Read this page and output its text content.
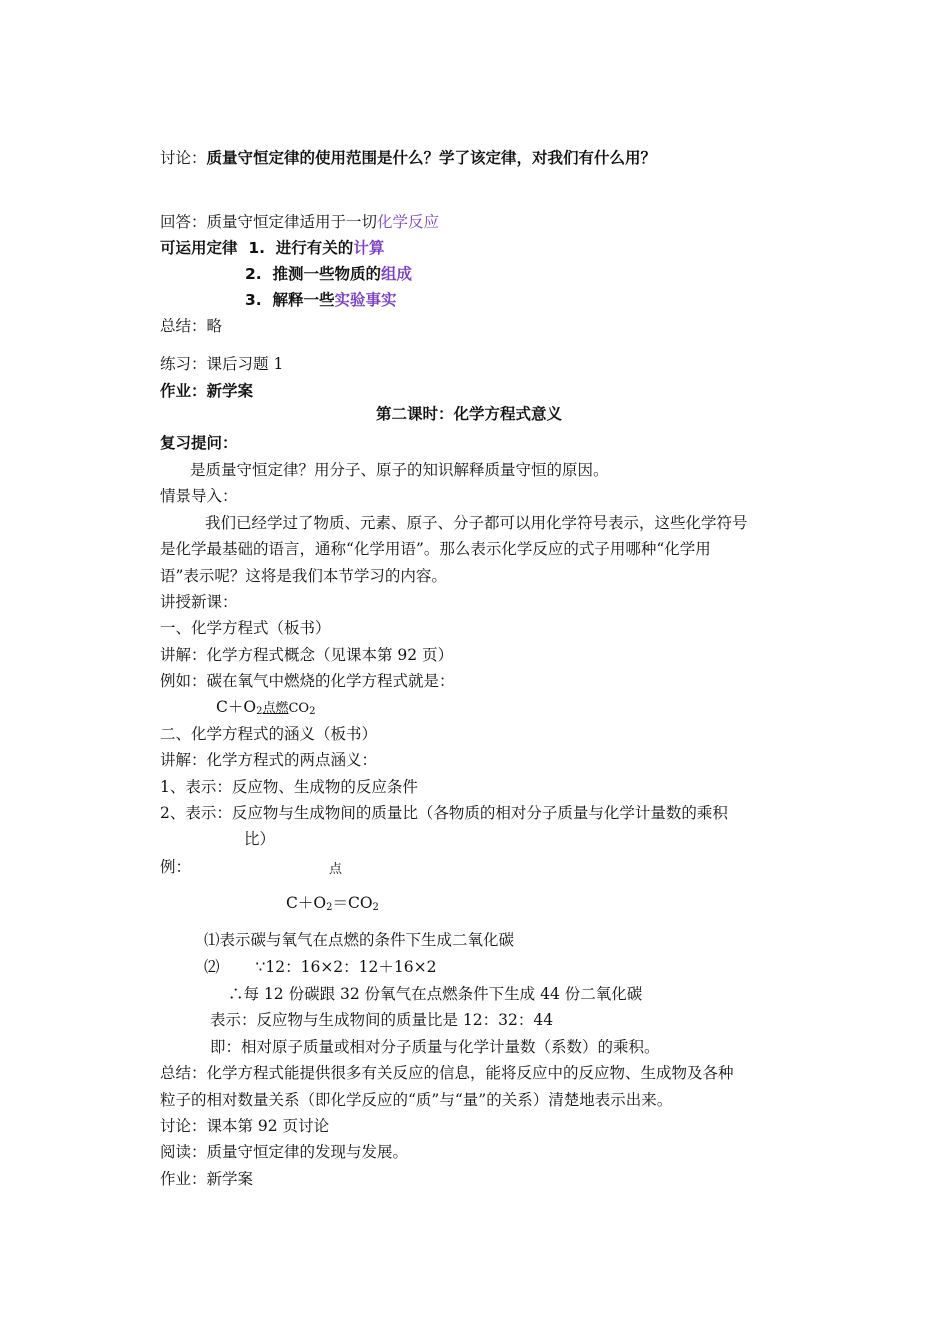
讨论：质量守恒定律的使用范围是什么？学了该定律，对我们有什么用？
回答：质量守恒定律适用于一切化学反应
可运用定律 1. 进行有关的计算
2. 推测一些物质的组成
3. 解释一些实验事实
总结：略
练习：课后习题 1
作业：新学案
第二课时：化学方程式意义
复习提问：
是质量守恒定律？用分子、原子的知识解释质量守恒的原因。
情景导入：
我们已经学过了物质、元素、原子、分子都可以用化学符号表示，这些化学符号
是化学最基础的语言，通称“化学用语”。那么表示化学反应的式子用哪种“化学用
语”表示呢？这将是我们本节学习的内容。
讲授新课：
一、化学方程式（板书）
讲解：化学方程式概念（见课本第 92 页）
例如：碳在氧气中燃烧的化学方程式就是：
$C+O_2$点燃$CO_2$
二、化学方程式的涵义（板书）
讲解：化学方程式的两点涵义：
1、表示：反应物、生成物的反应条件
2、表示：反应物与生成物间的质量比（各物质的相对分子质量与化学计量数的乘积
比）
例：	点
$C+O_2=CO_2$
⑴表示碳与氧气在点燃的条件下生成二氧化碳
⑵ ∵12：16×2：12＋16×2
∴每 12 份碳跟 32 份氧气在点燃条件下生成 44 份二氧化碳
表示：反应物与生成物间的质量比是 12：32：44
即：相对原子质量或相对分子质量与化学计量数（系数）的乘积。
总结：化学方程式能提供很多有关反应的信息，能将反应中的反应物、生成物及各种
粒子的相对数量关系（即化学反应的“质”与“量”的关系）清楚地表示出来。
讨论：课本第 92 页讨论
阅读：质量守恒定律的发现与发展。
作业：新学案
